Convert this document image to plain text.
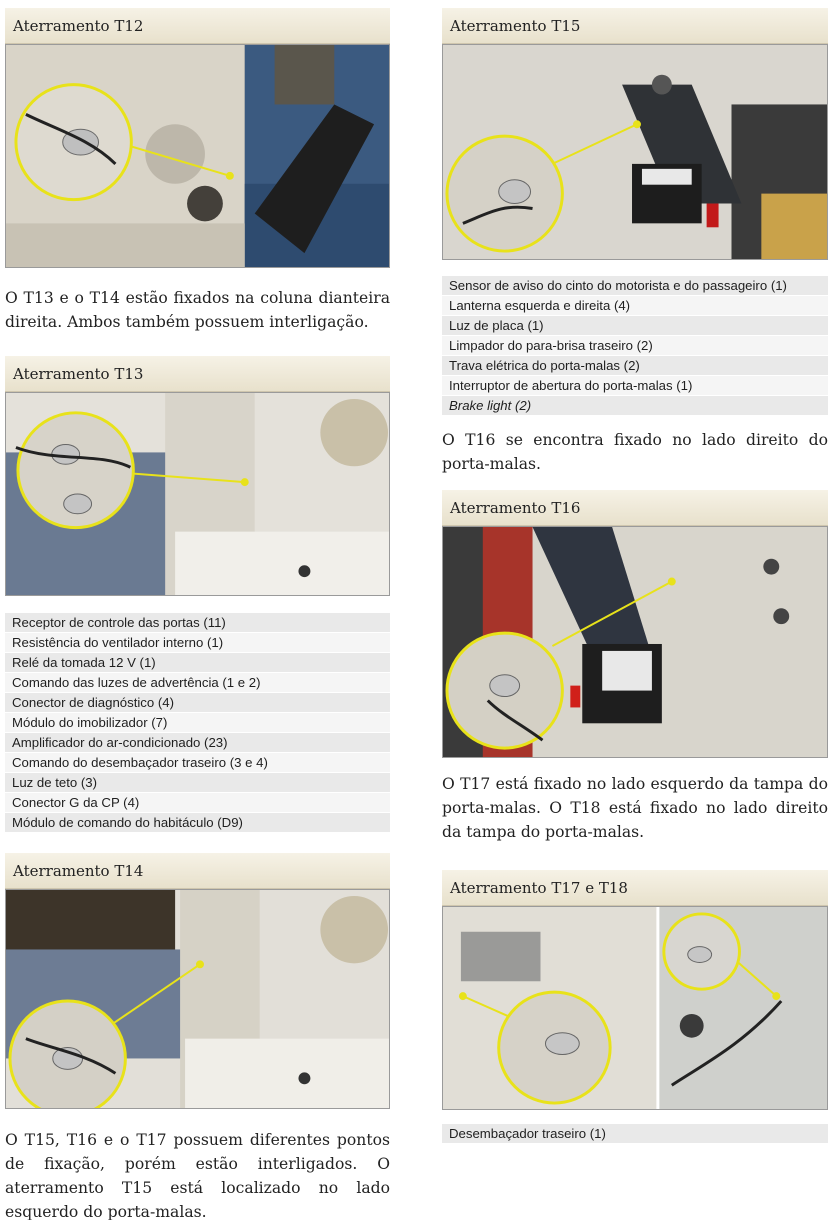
Aterramento T12
O T13 e o T14 estão fixados na coluna dianteira direita. Ambos também possuem interligação.
Aterramento T13
Receptor de controle das portas (11)
Resistência do ventilador interno (1)
Relé da tomada 12 V (1)
Comando das luzes de advertência (1 e 2)
Conector de diagnóstico (4)
Módulo do imobilizador (7)
Amplificador do ar-condicionado (23)
Comando do desembaçador traseiro (3 e 4)
Luz de teto (3)
Conector G da CP (4)
Módulo de comando do habitáculo (D9)
Aterramento T14
O T15, T16 e o T17 possuem diferentes pontos de fixação, porém estão interligados. O aterramento T15 está localizado no lado esquerdo do porta-malas.
Aterramento T15
Sensor de aviso do cinto do motorista e do passageiro (1)
Lanterna esquerda e direita (4)
Luz de placa (1)
Limpador do para-brisa traseiro (2)
Trava elétrica do porta-malas (2)
Interruptor de abertura do porta-malas (1)
Brake light (2)
O T16 se encontra fixado no lado direito do porta-malas.
Aterramento T16
O T17 está fixado no lado esquerdo da tampa do porta-malas. O T18 está fixado no lado direito da tampa do porta-malas.
Aterramento T17 e T18
Desembaçador traseiro (1)
